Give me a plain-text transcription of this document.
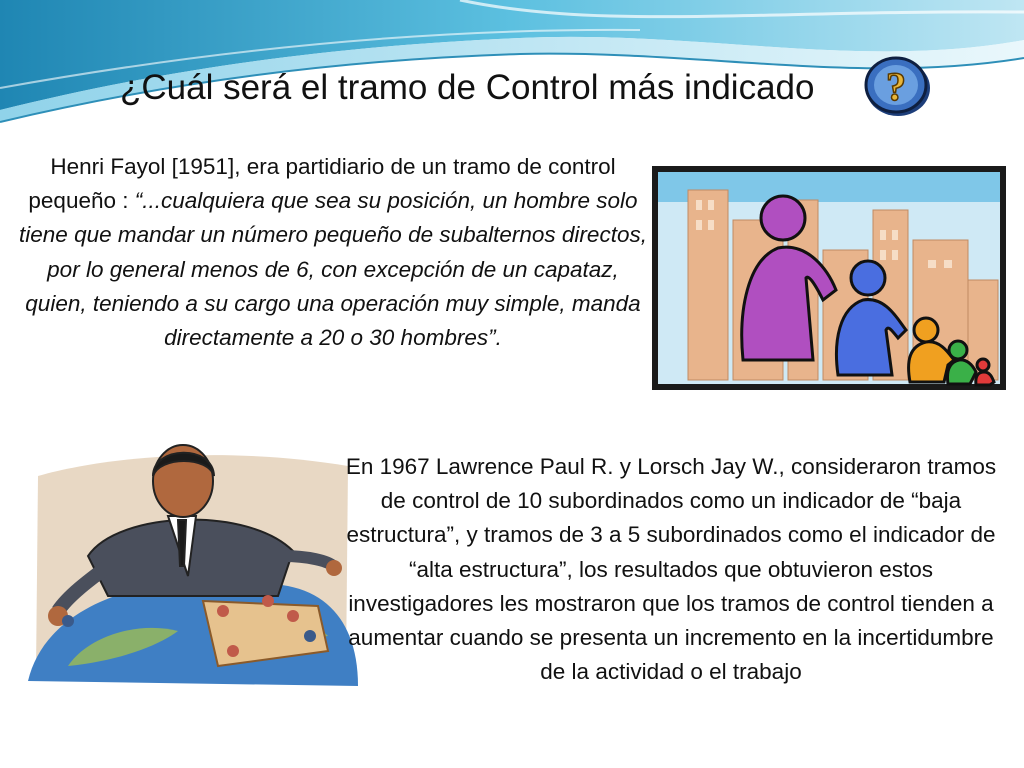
¿Cuál será el tramo de Control más indicado	?

Henri Fayol [1951], era partidiario de un tramo de control pequeño : “...cualquiera que sea su posición, un hombre solo tiene que mandar un número pequeño de subalternos directos, por lo general menos de 6, con excepción de un capataz, quien, teniendo a su cargo una operación muy simple, manda directamente a 20 o 30 hombres”.

En 1967 Lawrence Paul R. y Lorsch Jay W., consideraron tramos de control de 10 subordinados como un indicador de “baja estructura”, y tramos de 3 a 5 subordinados como el indicador de “alta estructura”, los resultados que obtuvieron estos investigadores les mostraron que los tramos de control tienden a aumentar cuando se presenta un incremento en la incertidumbre de la actividad o el trabajo
